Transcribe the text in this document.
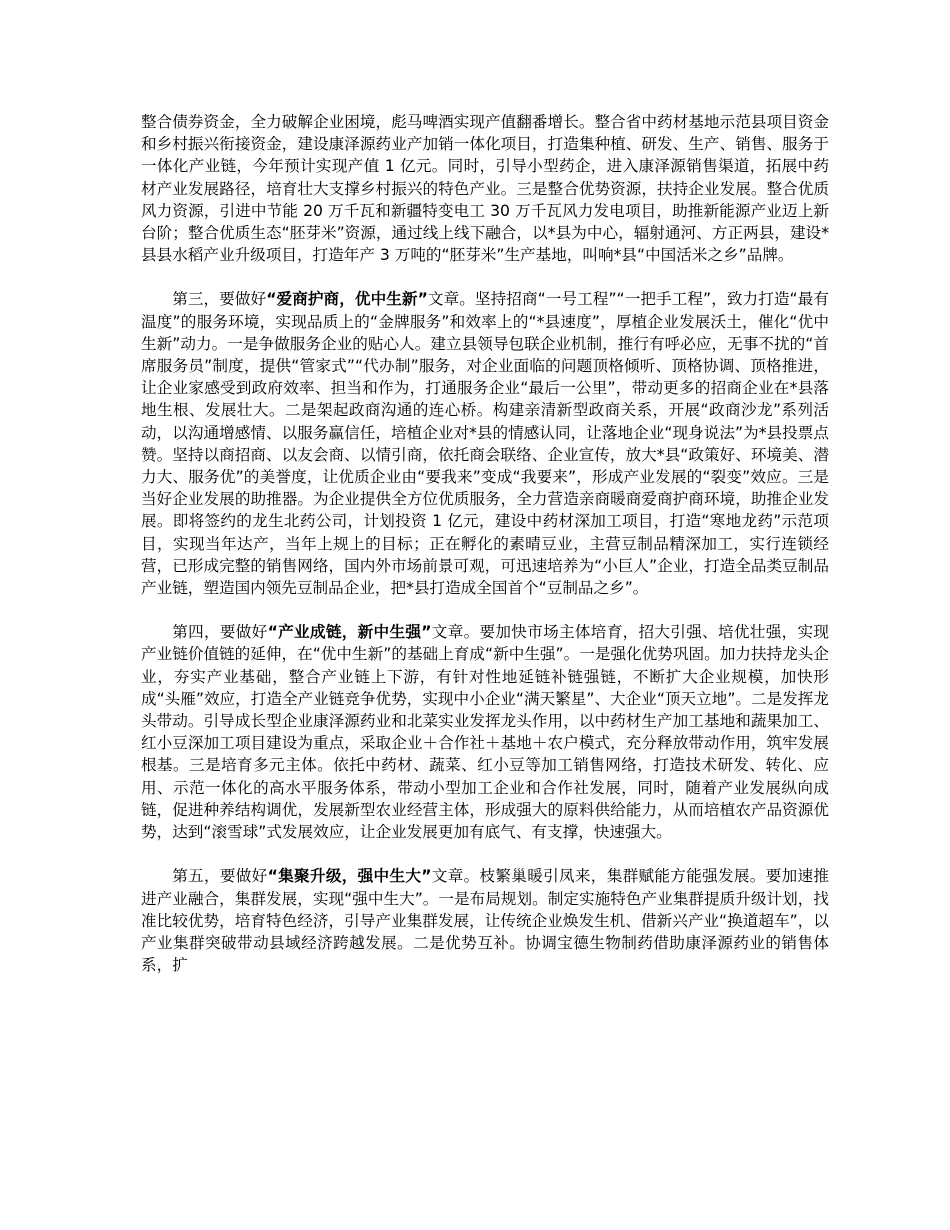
整合债券资金，全力破解企业困境，彪马啤酒实现产值翻番增长。整合省中药材基地示范县项目资金和乡村振兴衔接资金，建设康泽源药业产加销一体化项目，打造集种植、研发、生产、销售、服务于一体化产业链，今年预计实现产值 1 亿元。同时，引导小型药企，进入康泽源销售渠道，拓展中药材产业发展路径，培育壮大支撑乡村振兴的特色产业。三是整合优势资源，扶持企业发展。整合优质风力资源，引进中节能 20 万千瓦和新疆特变电工 30 万千瓦风力发电项目，助推新能源产业迈上新台阶；整合优质生态“胚芽米”资源，通过线上线下融合，以*县为中心，辐射通河、方正两县，建设*县县水稻产业升级项目，打造年产 3 万吨的“胚芽米”生产基地，叫响*县“中国活米之乡”品牌。

第三，要做好“爱商护商，优中生新”文章。坚持招商“一号工程”“一把手工程”，致力打造“最有温度”的服务环境，实现品质上的“金牌服务”和效率上的“*县速度”，厚植企业发展沃土，催化“优中生新”动力。一是争做服务企业的贴心人。建立县领导包联企业机制，推行有呼必应，无事不扰的“首席服务员”制度，提供“管家式”“代办制”服务，对企业面临的问题顶格倾听、顶格协调、顶格推进，让企业家感受到政府效率、担当和作为，打通服务企业“最后一公里”，带动更多的招商企业在*县落地生根、发展壮大。二是架起政商沟通的连心桥。构建亲清新型政商关系，开展“政商沙龙”系列活动，以沟通增感情、以服务赢信任，培植企业对*县的情感认同，让落地企业“现身说法”为*县投票点赞。坚持以商招商、以友会商、以情引商，依托商会联络、企业宣传，放大*县“政策好、环境美、潜力大、服务优”的美誉度，让优质企业由“要我来”变成“我要来”，形成产业发展的“裂变”效应。三是当好企业发展的助推器。为企业提供全方位优质服务，全力营造亲商暖商爱商护商环境，助推企业发展。即将签约的龙生北药公司，计划投资 1 亿元，建设中药材深加工项目，打造“寒地龙药”示范项目，实现当年达产，当年上规上的目标；正在孵化的素晴豆业，主营豆制品精深加工，实行连锁经营，已形成完整的销售网络，国内外市场前景可观，可迅速培养为“小巨人”企业，打造全品类豆制品产业链，塑造国内领先豆制品企业，把*县打造成全国首个“豆制品之乡”。

第四，要做好“产业成链，新中生强”文章。要加快市场主体培育，招大引强、培优壮强，实现产业链价值链的延伸，在“优中生新”的基础上育成“新中生强”。一是强化优势巩固。加力扶持龙头企业，夯实产业基础，整合产业链上下游，有针对性地延链补链强链，不断扩大企业规模，加快形成“头雁”效应，打造全产业链竞争优势，实现中小企业“满天繁星”、大企业“顶天立地”。二是发挥龙头带动。引导成长型企业康泽源药业和北菜实业发挥龙头作用，以中药材生产加工基地和蔬果加工、红小豆深加工项目建设为重点，采取企业＋合作社＋基地＋农户模式，充分释放带动作用，筑牢发展根基。三是培育多元主体。依托中药材、蔬菜、红小豆等加工销售网络，打造技术研发、转化、应用、示范一体化的高水平服务体系，带动小型加工企业和合作社发展，同时，随着产业发展纵向成链，促进种养结构调优，发展新型农业经营主体，形成强大的原料供给能力，从而培植农产品资源优势，达到“滚雪球”式发展效应，让企业发展更加有底气、有支撑，快速强大。

第五，要做好“集聚升级，强中生大”文章。枝繁巢暖引凤来，集群赋能方能强发展。要加速推进产业融合，集群发展，实现“强中生大”。一是布局规划。制定实施特色产业集群提质升级计划，找准比较优势，培育特色经济，引导产业集群发展，让传统企业焕发生机、借新兴产业“换道超车”，以产业集群突破带动县域经济跨越发展。二是优势互补。协调宝德生物制药借助康泽源药业的销售体系，扩
